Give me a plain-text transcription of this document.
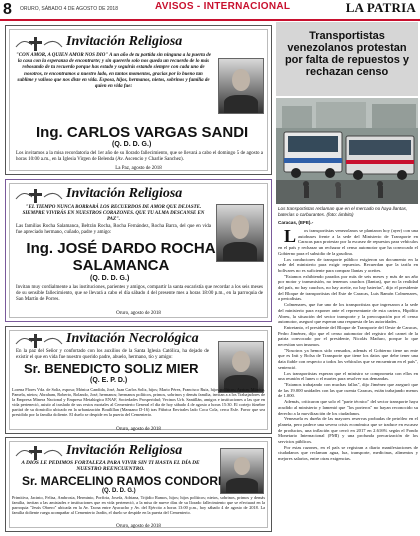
8 ORURO, SÁBADO 4 DE AGOSTO DE 2018	AVISOS - INTERNACIONAL	LA PATRIA
Invitación Religiosa
"CON AMOR, A QUIEN AMOR NOS DIO" A un año de tu partida sin ninguna a la puerta de la casa con la esperanza de encontrarte; y sin quererlo solo nos queda un recuerdo de lo más rebosando de tu recuerdo porque has estado y seguirás estando siempre con cada uno de nosotros, te encontramos a nuestro lado, en tantos momentos, gracias por lo bueno tan sublime y valioso que nos diste en vida. Esposa, hijos, hermanos, nietos, sobrinos y familia de quien en vida fue:
Ing. CARLOS VARGAS SANDI
(Q. D. D. G.)
Los invitamos a la misa recordatoria del 1er año de su llorado fallecimiento, que se llevará a cabo el domingo 5 de agosto a horas 10:00 a.m., en la Iglesia Virgen de Belenda (Av. Ascencio y Charlie Sanchez).
La Paz, agosto de 2018
Invitación Religiosa
"EL TIEMPO NUNCA BORRARÁ LOS RECUERDOS DE AMOR QUE DEJASTE. SIEMPRE VIVIRÁS EN NUESTROS CORAZONES. QUE TU ALMA DESCANSE EN PAZ".
Las familias Rocha Salamanca, Beltrán Rocha, Rocha Fernández, Rocha Barra, del que en vida fue apreciado hermano, cuñado, padre y amigo:
Ing. JOSÉ DARDO ROCHA SALAMANCA
(Q. D. D. G.)
Invitan muy cordialmente a las instituciones, parientes y amigos, compartir la santa eucaristía que recordar a los seis meses de su sensible fallecimiento, que se llevará a cabo el día sábado 4 del presente mes a horas 18:00 p.m., en la parroquia de San Martín de Porres.
Oruro, agosto de 2018
Invitación Necrológica
En la paz del Señor y confortado con los auxilios de la Santa Iglesia Católica, ha dejado de existir el que en vida fue nuestro querido padre, abuelo, hermano, tío y amigo:
Sr. BENEDICTO SOLIZ MIER
(Q. E. P. D.)
Lorena Flores Vda. de Soliz, esposa; Mónica Candida, José, Juan Carlos Soliz, hijos; Mario Pérez, Francisco Ruiz, hijos políticos; Ayrton, Mónica, Pamela, nietos; Abraham, Roberto, Rolando, José, hermanos; hermanos políticos, primos, sobrinos y demás familia, invitan a a los Trabajadores de la Empresa Minera Nacional y Empresa Metalúrgica ENAF, Sociedades Prosperidad; Vecinos Urb. Santillán, amigos e instituciones a las que en vida perteneció, asistir al traslado de sus restos mortales al Cementerio General el día de hoy sábado 4 de agosto a horas 15:30. El cortejo fúnebre partirá de su domicilio ubicado en la urbanización Bouilillan (Manzano D-16) tras Fábrica Envirales lado Coca Cola, cerca Esfe. Favor que sea presidido por la familia doliente. El duelo se despide en la puerta del Cementerio.
Oruro, agosto de 2018
Invitación Religiosa
A DIOS LE PEDIMOS FORTALEZA PARA VIVIR SIN TI HASTA EL DÍA DE NUESTRO REENCUENTRO.
Sr. MARCELINO RAMOS CONDORI
(Q. D. D. G.)
Primitiva, Jacinto, Felisa, Ambrosia, Herminio, Porfiria, Josefa, Adriana, Trijidio Ramos, hijos; hijos políticos; nietos, sobrinos, primos y demás familia, invitan a las amistades e instituciones que en vida perteneció, a la misa de nueve días de su llorado fallecimiento que se efectuará en la parroquia "Jesús Obrero" ubicada en la Av. Tacna entre Ayacucho y Av. del Ejército a horas 13:00 p.m., hoy sábado 4 de agosto de 2018. La familia doliente ruega acompañar al Cementerio Jardín, el duelo se despide en la puerta del Cementerio.
Oruro, agosto de 2018
Transportistas venezolanos protestan por falta de repuestos y rechazan censo
Los transportistas reclaman que en el mercado no haya llantas, baterías o carburantes. (foto: ámbito)
Caracas, (EFE).-

L os transportistas venezolanos se plantaron hoy (ayer) con una autobuses frente a la sede del Ministerio de Transporte en Caracas para protestar por la escasez de repuestos para vehículos en el país y rechazar un rechazar el censo automotor que ha convocado el Gobierno para el subsidio de la gasolina.

Los conductores de transporte público exigieron un documento en la sede del ministerio para exigir repuestos. Recuerdan que la tarifa en bolívares no es suficiente para comprar llantas y aceites.

"Estamos exhibiendo parados por más de seis meses y más de un año por motor y transmisión, no tenemos cauchos (llantas), que no la realidad del país, no hay cauchos, no hay aceite, no hay baterías", dijo el presidente del Bloque de transportistas del Este de Caracas, Luis Ramón Colmenares, a periodistas.

Colmenares, que fue uno de los transportistas que ingresaron a la sede del ministerio para exponer ante el representante de esta cartera, Hipólito Abreu, la situación del sector transporte y la preocupación por el censo automotor, aseguró que esperan una respuesta de las autoridades.

Entretanto, el presidente del Bloque de Transporte del Oeste de Caracas, Pedro Jiménez, dijo que el censo automotor del registro del carnet de la patria convocado por el presidente, Nicolás Maduro, porque lo que necesitan son insumos.

"Nosotros ya hemos sido censados, además el Gobierno tiene un ente que es Intt y Bolsa de Transporte que tiene los datos que debe tener una data fiable con respecto a todos los vehículos que se encuentran en el país", sentenció.

Los transportistas esperan que el ministro se comprometa con ellos en una reunión el lunes o el martes para resolver sus demandas.

"Estamos trabajando con muchas fallas", dijo Jiménez que aseguró que de las 19.000 unidades con las que cuenta Caracas, están trabajando menos de 1.000.

Además, criticaron que solo el "parte técnico" del sector transporte haya acudido al ministerio y lamentó que "los porteros" no hayan reconocido su derecho a la movilización de los ciudadanos.

Venezuela es dueña de las mayores reservas probadas de petróleo en el planeta, pero padece una severa crisis económica que se traduce en escasez de productos, una inflación que cerró en 2017 en 2.616% según el Fondo Monetario Internacional (FMI) y una profunda precarización de los servicios públicos.

Por estas razones, en el país se registran a diario manifestaciones de ciudadanos que reclaman agua, luz, transporte, medicinas, alimentos y mejores salarios, entre otras exigencias.
